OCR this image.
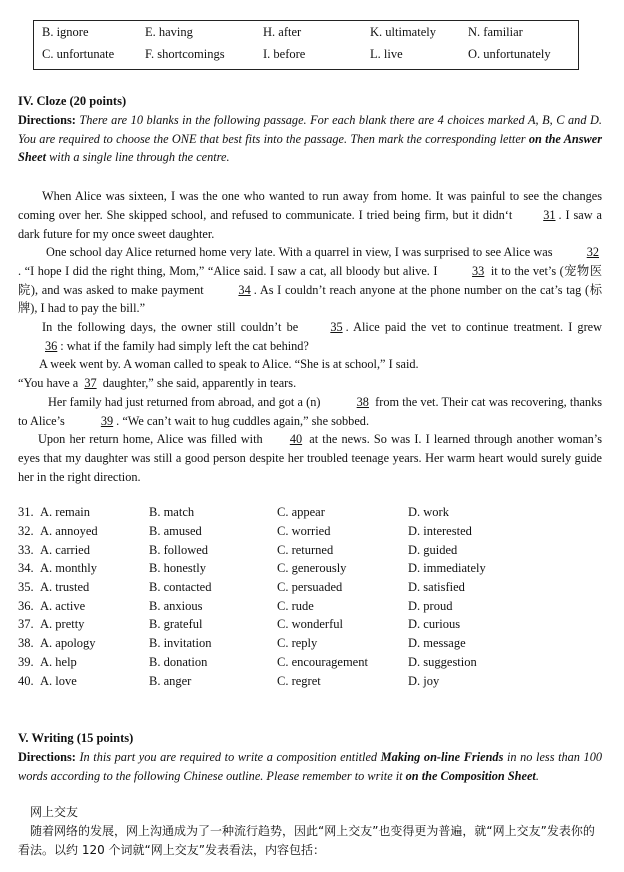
B. ignore	E. having	H. after	K. ultimately	N. familiar
C. unfortunate F. shortcomings	I. before	L. live	O. unfortunately
IV. Cloze (20 points)
Directions: There are 10 blanks in the following passage. For each blank there are 4 choices marked A, B, C and D. You are required to choose the ONE that best fits into the passage. Then mark the corresponding letter on the Answer Sheet with a single line through the centre.
When Alice was sixteen, I was the one who wanted to run away from home. It was painful to see the changes coming over her. She skipped school, and refused to communicate. I tried being firm, but it didn‘t	31 . I saw a dark future for my once sweet daughter.
One school day Alice returned home very late. With a quarrel in view, I was surprised to see Alice was	32. “I hope I did the right thing, Mom,” “Alice said. I saw a cat, all bloody but alive. I	33 it to the vet’s (宠物医院), and was asked to make payment	34 . As I couldn’t reach anyone at the phone number on the cat’s tag (标牌), I had to pay the bill.”
In the following days, the owner still couldn’t be	35 . Alice paid the vet to continue treatment. I grew 36 : what if the family had simply left the cat behind?
A week went by. A woman called to speak to Alice. “She is at school,” I said.
“You have a 37 daughter,” she said, apparently in tears.
Her family had just returned from abroad, and got a (n)	38 from the vet. Their cat was recovering, thanks to Alice’s	39 . “We can’t wait to hug cuddles again,” she sobbed.
Upon her return home, Alice was filled with 40 at the news. So was I. I learned through another woman’s eyes that my daughter was still a good person despite her troubled teenage years. Her warm heart would surely guide her in the right direction.
31. A. remain	B. match	C. appear	D. work
32. A. annoyed	B. amused	C. worried	D. interested
33. A. carried	B. followed	C. returned	D. guided
34. A. monthly	B. honestly	C. generously	D. immediately
35. A. trusted	B. contacted	C. persuaded	D. satisfied
36. A. active	B. anxious	C. rude	D. proud
37. A. pretty	B. grateful	C. wonderful	D. curious
38. A. apology	B. invitation	C. reply	D. message
39. A. help	B. donation	C. encouragement	D. suggestion
40. A. love	B. anger	C. regret	D. joy
V. Writing (15 points)
Directions: In this part you are required to write a composition entitled Making on-line Friends in no less than 100 words according to the following Chinese outline. Please remember to write it on the Composition Sheet.
网上交友
随着网络的发展，网上沟通成为了一种流行趋势，因此“网上交友”也变得更为普遍，就“网上交友”发表你的看法。以约 120 个词就“网上交友”发表看法，内容包括：
